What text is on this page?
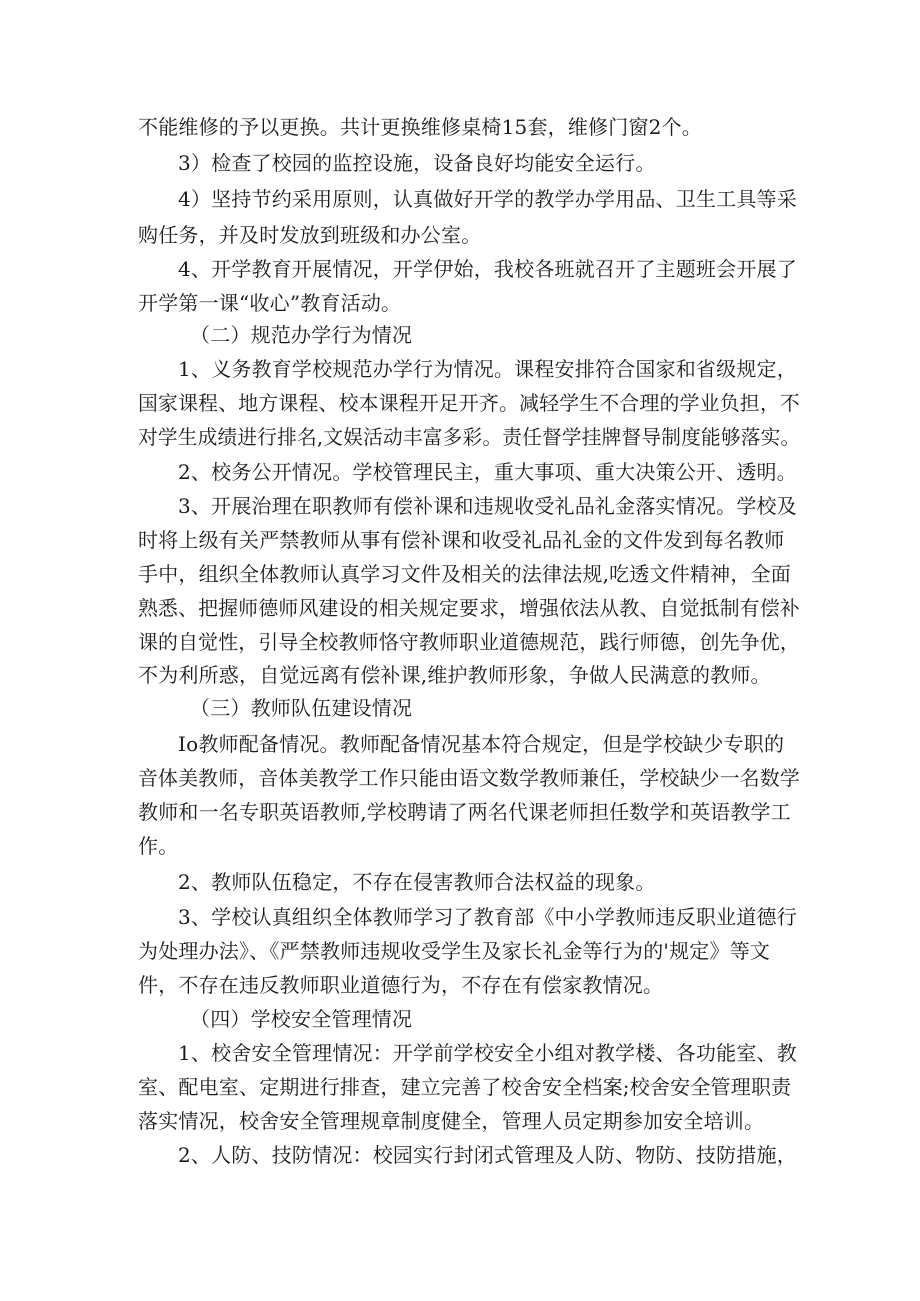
不能维修的予以更换。共计更换维修桌椅15套，维修门窗2个。
3）检查了校园的监控设施，设备良好均能安全运行。
4）坚持节约采用原则，认真做好开学的教学办学用品、卫生工具等采
购任务，并及时发放到班级和办公室。
4、开学教育开展情况，开学伊始，我校各班就召开了主题班会开展了
开学第一课“收心”教育活动。
（二）规范办学行为情况
1、义务教育学校规范办学行为情况。课程安排符合国家和省级规定，
国家课程、地方课程、校本课程开足开齐。减轻学生不合理的学业负担，不
对学生成绩进行排名,文娱活动丰富多彩。责任督学挂牌督导制度能够落实。
2、校务公开情况。学校管理民主，重大事项、重大决策公开、透明。
3、开展治理在职教师有偿补课和违规收受礼品礼金落实情况。学校及
时将上级有关严禁教师从事有偿补课和收受礼品礼金的文件发到每名教师
手中，组织全体教师认真学习文件及相关的法律法规,吃透文件精神，全面
熟悉、把握师德师风建设的相关规定要求，增强依法从教、自觉抵制有偿补
课的自觉性，引导全校教师恪守教师职业道德规范，践行师德，创先争优，
不为利所惑，自觉远离有偿补课,维护教师形象，争做人民满意的教师。
（三）教师队伍建设情况
Io教师配备情况。教师配备情况基本符合规定，但是学校缺少专职的
音体美教师，音体美教学工作只能由语文数学教师兼任，学校缺少一名数学
教师和一名专职英语教师,学校聘请了两名代课老师担任数学和英语教学工
作。
2、教师队伍稳定，不存在侵害教师合法权益的现象。
3、学校认真组织全体教师学习了教育部《中小学教师违反职业道德行
为处理办法》、《严禁教师违规收受学生及家长礼金等行为的'规定》等文
件，不存在违反教师职业道德行为，不存在有偿家教情况。
（四）学校安全管理情况
1、校舍安全管理情况：开学前学校安全小组对教学楼、各功能室、教
室、配电室、定期进行排查，建立完善了校舍安全档案;校舍安全管理职责
落实情况，校舍安全管理规章制度健全，管理人员定期参加安全培训。
2、人防、技防情况：校园实行封闭式管理及人防、物防、技防措施，
